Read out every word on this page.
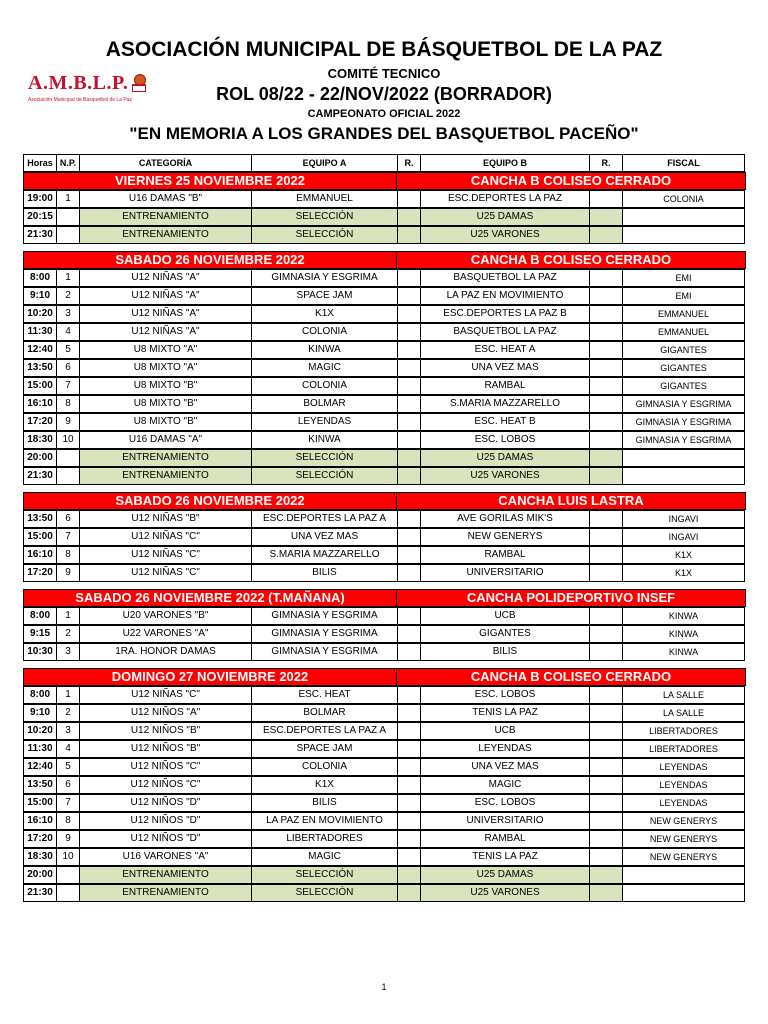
ASOCIACIÓN MUNICIPAL DE BÁSQUETBOL DE LA PAZ
A.M.B.L.P.
Asociación Municipal de Básquetbol de La Paz
COMITÉ TECNICO
ROL 08/22 - 22/NOV/2022 (BORRADOR)
CAMPEONATO OFICIAL 2022
"EN MEMORIA A LOS GRANDES DEL BASQUETBOL PACEÑO"
Horas N.P.	CATEGORÍA	EQUIPO A	R.	EQUIPO B	R.	FISCAL
VIERNES 25 NOVIEMBRE 2022	CANCHA B COLISEO CERRADO
19:00	1	U16 DAMAS "B"	EMMANUEL	ESC.DEPORTES LA PAZ	COLONIA
20:15	ENTRENAMIENTO	SELECCIÓN	U25 DAMAS
21:30	ENTRENAMIENTO	SELECCIÓN	U25 VARONES
SABADO 26 NOVIEMBRE 2022	CANCHA B COLISEO CERRADO
8:00	1	U12 NIÑAS "A"	GIMNASIA Y ESGRIMA	BASQUETBOL LA PAZ	EMI
9:10	2	U12 NIÑAS "A"	SPACE JAM	LA PAZ EN MOVIMIENTO	EMI
10:20	3	U12 NIÑAS "A"	K1X	ESC.DEPORTES LA PAZ B	EMMANUEL
11:30	4	U12 NIÑAS "A"	COLONIA	BASQUETBOL LA PAZ	EMMANUEL
12:40	5	U8 MIXTO "A"	KINWA	ESC. HEAT A	GIGANTES
13:50	6	U8 MIXTO "A"	MAGIC	UNA VEZ MAS	GIGANTES
15:00	7	U8 MIXTO "B"	COLONIA	RAMBAL	GIGANTES
16:10	8	U8 MIXTO "B"	BOLMAR	S.MARIA MAZZARELLO	GIMNASIA Y ESGRIMA
17:20	9	U8 MIXTO "B"	LEYENDAS	ESC. HEAT B	GIMNASIA Y ESGRIMA
18:30 10	U16 DAMAS "A"	KINWA	ESC. LOBOS	GIMNASIA Y ESGRIMA
20:00	ENTRENAMIENTO	SELECCIÓN	U25 DAMAS
21:30	ENTRENAMIENTO	SELECCIÓN	U25 VARONES
SABADO 26 NOVIEMBRE 2022	CANCHA LUIS LASTRA
13:50	6	U12 NIÑAS "B"	ESC.DEPORTES LA PAZ A	AVE GORILAS MIK'S	INGAVI
15:00	7	U12 NIÑAS "C"	UNA VEZ MAS	NEW GENERYS	INGAVI
16:10	8	U12 NIÑAS "C"	S.MARIA MAZZARELLO	RAMBAL	K1X
17:20	9	U12 NIÑAS "C"	BILIS	UNIVERSITARIO	K1X
SABADO 26 NOVIEMBRE 2022 (T.MAÑANA)	CANCHA POLIDEPORTIVO INSEF
8:00	1	U20 VARONES "B"	GIMNASIA Y ESGRIMA	UCB	KINWA
9:15	2	U22 VARONES "A"	GIMNASIA Y ESGRIMA	GIGANTES	KINWA
10:30	3	1RA. HONOR DAMAS	GIMNASIA Y ESGRIMA	BILIS	KINWA
DOMINGO 27 NOVIEMBRE 2022	CANCHA B COLISEO CERRADO
8:00	1	U12 NIÑAS "C"	ESC. HEAT	ESC. LOBOS	LA SALLE
9:10	2	U12 NIÑOS "A"	BOLMAR	TENIS LA PAZ	LA SALLE
10:20	3	U12 NIÑOS "B"	ESC.DEPORTES LA PAZ A	UCB	LIBERTADORES
11:30	4	U12 NIÑOS "B"	SPACE JAM	LEYENDAS	LIBERTADORES
12:40	5	U12 NIÑOS "C"	COLONIA	UNA VEZ MAS	LEYENDAS
13:50	6	U12 NIÑOS "C"	K1X	MAGIC	LEYENDAS
15:00	7	U12 NIÑOS "D"	BILIS	ESC. LOBOS	LEYENDAS
16:10	8	U12 NIÑOS "D"	LA PAZ EN MOVIMIENTO	UNIVERSITARIO	NEW GENERYS
17:20	9	U12 NIÑOS "D"	LIBERTADORES	RAMBAL	NEW GENERYS
18:30 10	U16 VARONES "A"	MAGIC	TENIS LA PAZ	NEW GENERYS
20:00	ENTRENAMIENTO	SELECCIÓN	U25 DAMAS
21:30	ENTRENAMIENTO	SELECCIÓN	U25 VARONES
1
